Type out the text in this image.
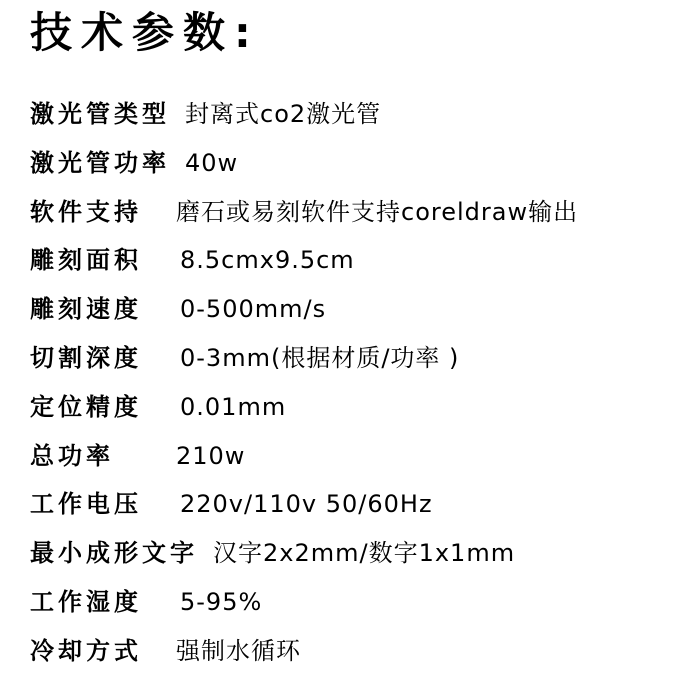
技术参数:
激光管类型 封离式co2激光管
激光管功率 40w
软件支持 磨石或易刻软件支持coreldraw输出
雕刻面积 8.5cmx9.5cm
雕刻速度 0-500mm/s
切割深度 0-3mm(根据材质/功率 )
定位精度 0.01mm
总功率	210w
工作电压 220v/110v 50/60Hz
最小成形文字 汉字2x2mm/数字1x1mm
工作湿度 5-95%
冷却方式 强制水循环
